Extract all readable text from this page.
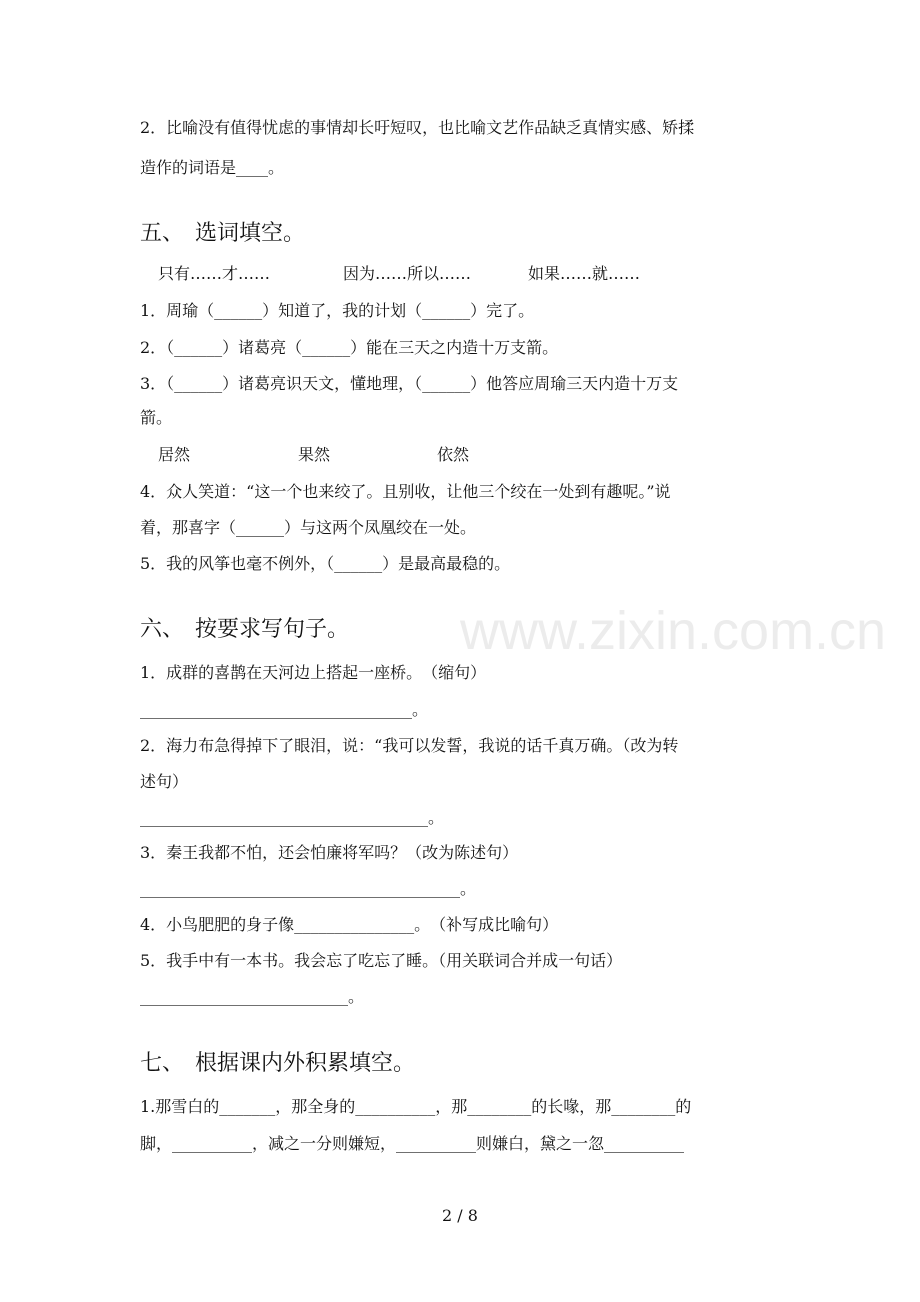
www.zixin.com.cn
2．比喻没有值得忧虑的事情却长吁短叹，也比喻文艺作品缺乏真情实感、矫揉
造作的词语是____。
五、　选词填空。
只有……才……	因为……所以……	如果……就……
1．周瑜（______）知道了，我的计划（______）完了。
2．（______）诸葛亮（______）能在三天之内造十万支箭。
3．（______）诸葛亮识天文，懂地理，（______）他答应周瑜三天内造十万支
箭。
居然	果然	依然
4．众人笑道：“这一个也来绞了。且别收，让他三个绞在一处到有趣呢。”说
着，那喜字（______）与这两个凤凰绞在一处。
5．我的风筝也毫不例外，（______）是最高最稳的。
六、　按要求写句子。
1．成群的喜鹊在天河边上搭起一座桥。　（缩句）
__________________________________。
2．海力布急得掉下了眼泪，说：“我可以发誓，我说的话千真万确。（改为转
述句）
____________________________________。
3．秦王我都不怕，还会怕廉将军吗？（改为陈述句）
________________________________________。
4．小鸟肥肥的身子像_______________。　（补写成比喻句）
5．我手中有一本书。我会忘了吃忘了睡。（用关联词合并成一句话）
__________________________。
七、　根据课内外积累填空。
1.那雪白的_______，那全身的__________，那________的长喙，那________的
脚，__________，减之一分则嫌短，__________则嫌白，黛之一忽__________
2 / 8
